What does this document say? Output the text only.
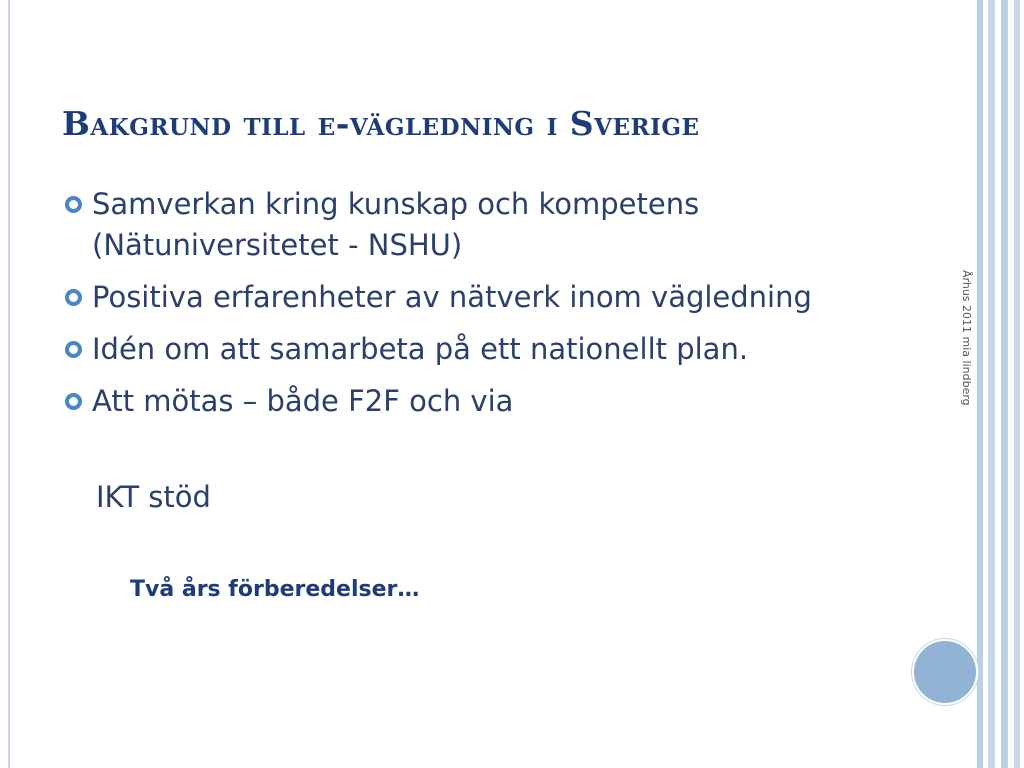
Bakgrund till e-vägledning i Sverige
Samverkan kring kunskap och kompetens (Nätuniversitetet - NSHU)
Positiva erfarenheter av nätverk inom vägledning
Idén om att samarbeta på ett nationellt plan.
Att mötas – både F2F och via
IKT stöd
Två års förberedelser…
Århus 2011 mia lindberg
